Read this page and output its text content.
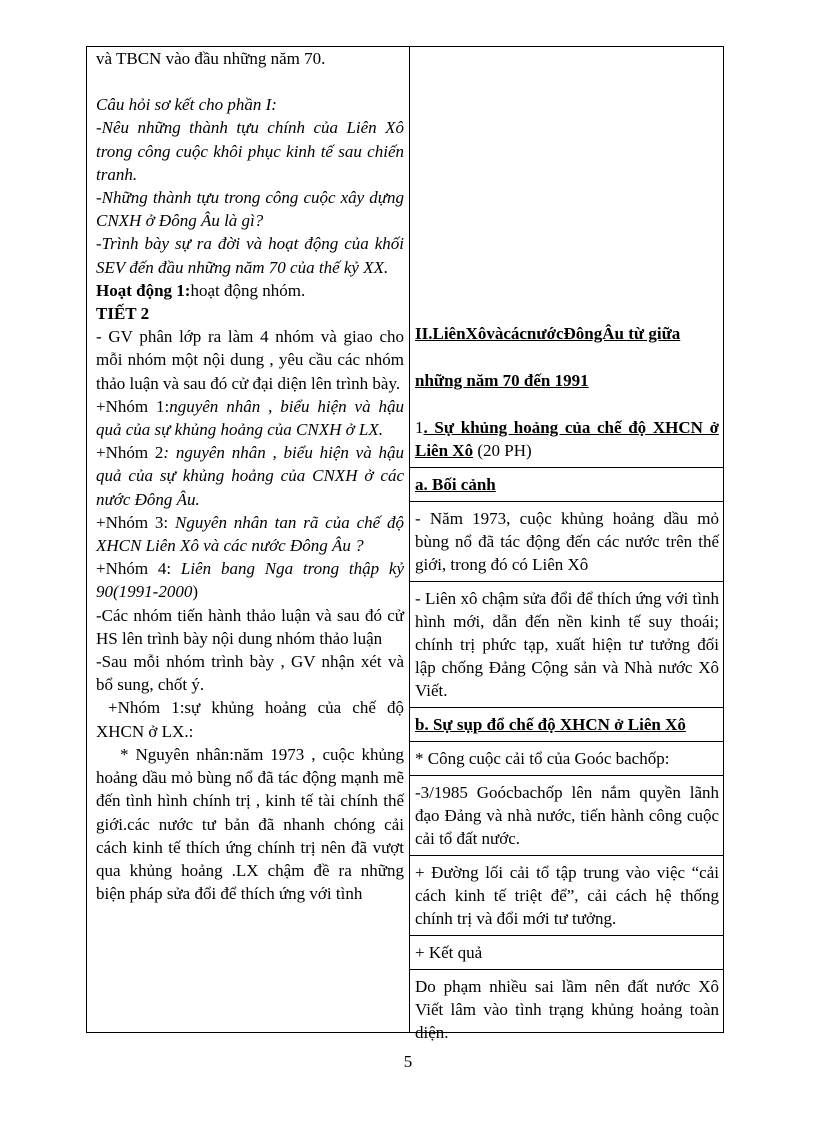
và TBCN vào đầu những năm 70.

Câu hỏi sơ kết cho phần I:

-Nêu những thành tựu chính của Liên Xô trong công cuộc khôi phục kinh tế sau chiến tranh.

-Những thành tựu trong công cuộc xây dựng CNXH ở Đông Âu là gì?

-Trình bày sự ra đời và hoạt động của khối SEV đến đầu những năm 70 của thế kỷ XX.

Hoạt động 1:hoạt động nhóm.

TIẾT 2

- GV phân lớp ra làm 4 nhóm và giao cho mỗi nhóm một nội dung , yêu cầu các nhóm thảo luận và sau đó cử đại diện lên trình bày.

+Nhóm 1:nguyên nhân , biểu hiện và hậu quả của sự khủng hoảng của CNXH ở LX.

+Nhóm 2: nguyên nhân , biểu hiện và hậu quả của sự khủng hoảng của CNXH ở các nước Đông Âu.

+Nhóm 3: Nguyên nhân tan rã của chế độ XHCN Liên Xô và các nước Đông Âu ?

+Nhóm 4: Liên bang Nga trong thập kỷ 90(1991-2000)

-Các nhóm tiến hành thảo luận và sau đó cử HS lên trình bày nội dung nhóm thảo luận

-Sau mỗi nhóm trình bày , GV nhận xét và bổ sung, chốt ý.

+Nhóm 1:sự khủng hoảng của chế độ XHCN ở LX.:

* Nguyên nhân:năm 1973 , cuộc khủng hoảng dầu mỏ bùng nổ đã tác động mạnh mẽ đến tình hình chính trị , kinh tế tài chính thế giới.các nước tư bản đã nhanh chóng cải cách kinh tế thích ứng chính trị nên đã vượt qua khủng hoảng .LX chậm đề ra những biện pháp sửa đổi để thích ứng với tình

II.LiênXôvàcácnướcĐôngÂu từ giữa

những năm 70 đến 1991

1. Sự khủng hoảng của chế độ XHCN ở Liên Xô (20 PH)

a. Bối cảnh

- Năm 1973, cuộc khủng hoảng dầu mỏ bùng nổ đã tác động đến các nước trên thế giới, trong đó có Liên Xô

- Liên xô chậm sửa đổi để thích ứng với tình hình mới, dẫn đến nền kinh tế suy thoái; chính trị phức tạp, xuất hiện tư tưởng đối lập chống Đảng Cộng sản và Nhà nước Xô Viết.

b. Sự sụp đổ chế độ XHCN ở Liên Xô

* Công cuộc cải tổ của Goóc bachốp:

-3/1985 Goócbachốp lên nắm quyền lãnh đạo Đảng và nhà nước, tiến hành công cuộc cải tổ đất nước.

+ Đường lối cải tổ tập trung vào việc “cải cách kinh tế triệt để”, cải cách hệ thống chính trị và đổi mới tư tưởng.

+ Kết quả

Do phạm nhiều sai lầm nên đất nước Xô Viết lâm vào tình trạng khủng hoảng toàn diện.

5
